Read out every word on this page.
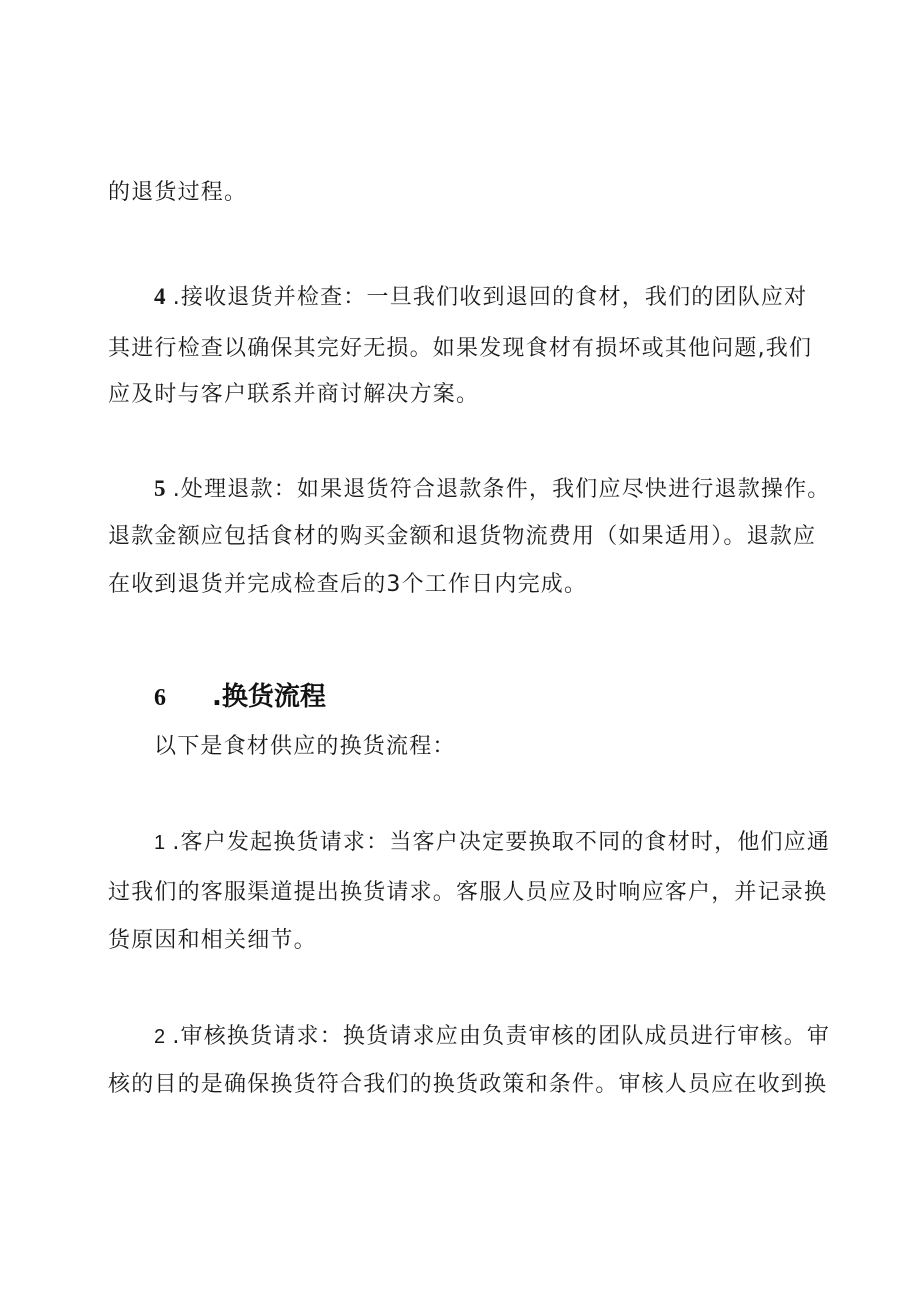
的退货过程。
4 .接收退货并检查：一旦我们收到退回的食材，我们的团队应对
其进行检查以确保其完好无损。如果发现食材有损坏或其他问题,我们
应及时与客户联系并商讨解决方案。
5 .处理退款：如果退货符合退款条件，我们应尽快进行退款操作。
退款金额应包括食材的购买金额和退货物流费用（如果适用）。退款应
在收到退货并完成检查后的3个工作日内完成。
6 .换货流程
以下是食材供应的换货流程：
1 .客户发起换货请求：当客户决定要换取不同的食材时，他们应通
过我们的客服渠道提出换货请求。客服人员应及时响应客户，并记录换
货原因和相关细节。
2 .审核换货请求：换货请求应由负责审核的团队成员进行审核。审
核的目的是确保换货符合我们的换货政策和条件。审核人员应在收到换
